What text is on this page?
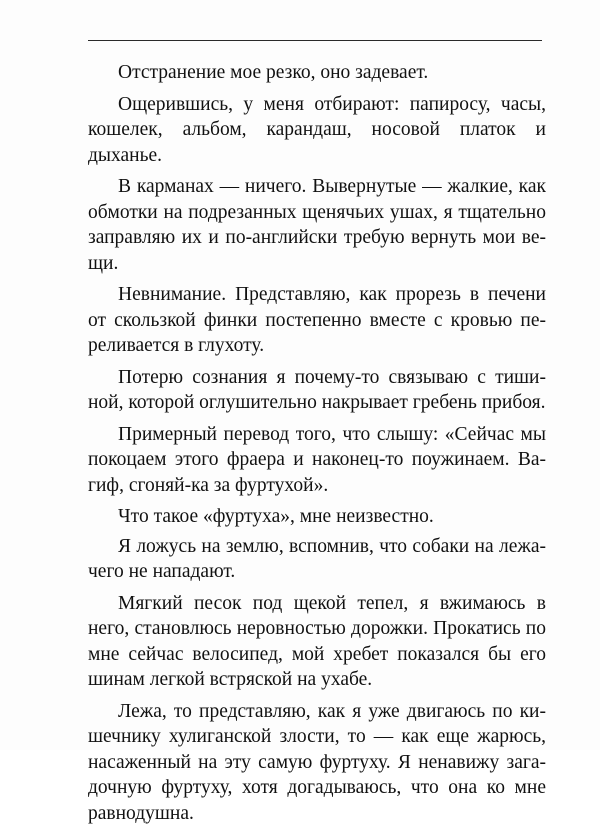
Отстранение мое резко, оно задевает.

Ощерившись, у меня отбирают: папиросу, часы, кошелек, альбом, карандаш, носовой платок и дыханье.

В карманах — ничего. Вывернутые — жалкие, как обмотки на подрезанных щенячьих ушах, я тщательно заправляю их и по-английски требую вернуть мои вещи.

Невнимание. Представляю, как прорезь в печени от скользкой финки постепенно вместе с кровью переливается в глухоту.

Потерю сознания я почему-то связываю с тишиной, которой оглушительно накрывает гребень прибоя.

Примерный перевод того, что слышу: «Сейчас мы покоцаем этого фраера и наконец-то поужинаем. Вагиф, сгоняй-ка за фуртухой».

Что такое «фуртуха», мне неизвестно.

Я ложусь на землю, вспомнив, что собаки на лежачего не нападают.

Мягкий песок под щекой тепел, я вжимаюсь в него, становлюсь неровностью дорожки. Прокатись по мне сейчас велосипед, мой хребет показался бы его шинам легкой встряской на ухабе.

Лежа, то представляю, как я уже двигаюсь по кишечнику хулиганской злости, то — как еще жарюсь, насаженный на эту самую фуртуху. Я ненавижу загадочную фуртуху, хотя догадываюсь, что она ко мне равнодушна.
